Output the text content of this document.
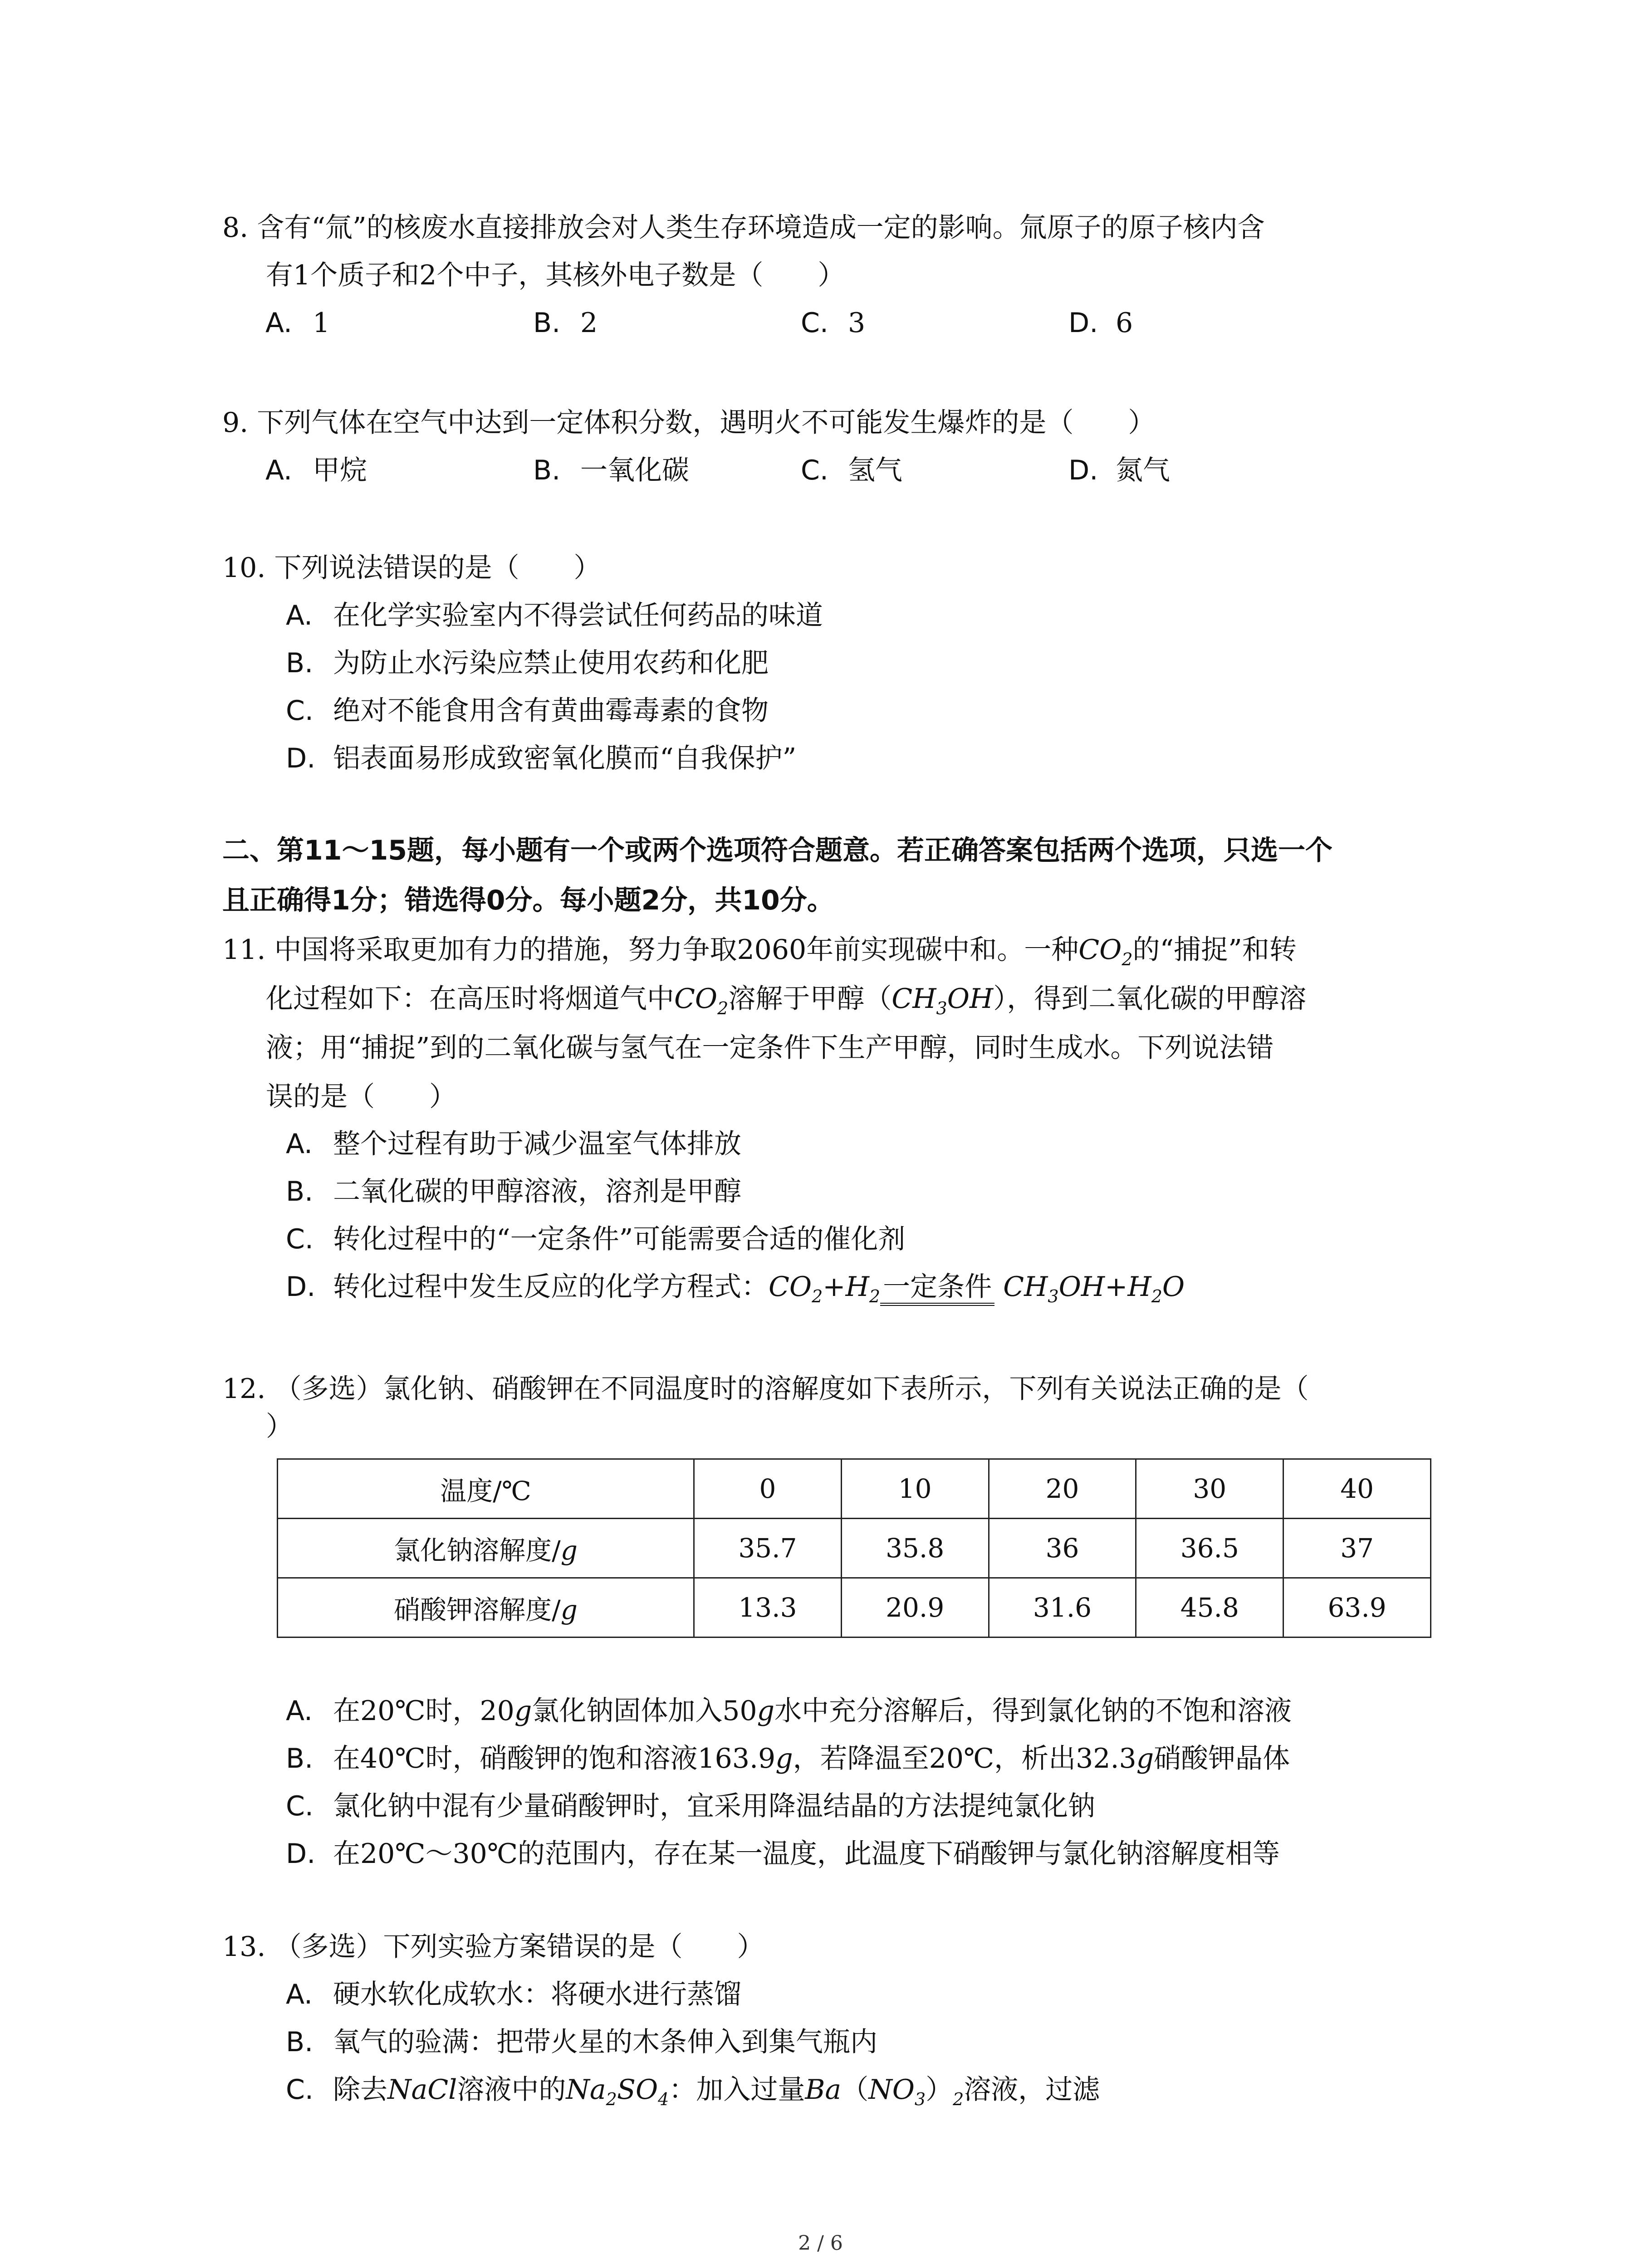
8. 含有“氚”的核废水直接排放会对人类生存环境造成一定的影响。氚原子的原子核内含
有1个质子和2个中子，其核外电子数是（　　）
A. 1	B. 2	C. 3	D. 6
9. 下列气体在空气中达到一定体积分数，遇明火不可能发生爆炸的是（　　）
A. 甲烷	B. 一氧化碳	C. 氢气	D. 氮气
10. 下列说法错误的是（　　）
A. 在化学实验室内不得尝试任何药品的味道
B. 为防止水污染应禁止使用农药和化肥
C. 绝对不能食用含有黄曲霉毒素的食物
D. 铝表面易形成致密氧化膜而“自我保护”
二、第11～15题，每小题有一个或两个选项符合题意。若正确答案包括两个选项，只选一个
且正确得1分；错选得0分。每小题2分，共10分。
11. 中国将采取更加有力的措施，努力争取2060年前实现碳中和。一种$CO_2$的“捕捉”和转
化过程如下：在高压时将烟道气中$CO_2$溶解于甲醇$(CH_3OH)$，得到二氧化碳的甲醇溶
液；用“捕捉”到的二氧化碳与氢气在一定条件下生产甲醇，同时生成水。下列说法错
误的是（　　）
A. 整个过程有助于减少温室气体排放
B. 二氧化碳的甲醇溶液，溶剂是甲醇
C. 转化过程中的“一定条件”可能需要合适的催化剂
D. 转化过程中发生反应的化学方程式：$CO_2+H_2$ 一定条件 $CH_3OH+H_2O$
12. （多选）氯化钠、硝酸钾在不同温度时的溶解度如下表所示，下列有关说法正确的是（
）
温度/℃	0	10	20	30	40
氯化钠溶解度/g	35.7	35.8	36	36.5	37
硝酸钾溶解度/g	13.3	20.9	31.6	45.8	63.9
A. 在20℃时，20g氯化钠固体加入50g水中充分溶解后，得到氯化钠的不饱和溶液
B. 在40℃时，硝酸钾的饱和溶液163.9g，若降温至20℃，析出32.3g硝酸钾晶体
C. 氯化钠中混有少量硝酸钾时，宜采用降温结晶的方法提纯氯化钠
D. 在20℃～30℃的范围内，存在某一温度，此温度下硝酸钾与氯化钠溶解度相等
13. （多选）下列实验方案错误的是（　　）
A. 硬水软化成软水：将硬水进行蒸馏
B. 氧气的验满：把带火星的木条伸入到集气瓶内
C. 除去NaCl溶液中的$Na_2SO_4$：加入过量$Ba(NO_3)_2$溶液，过滤
2 / 6
